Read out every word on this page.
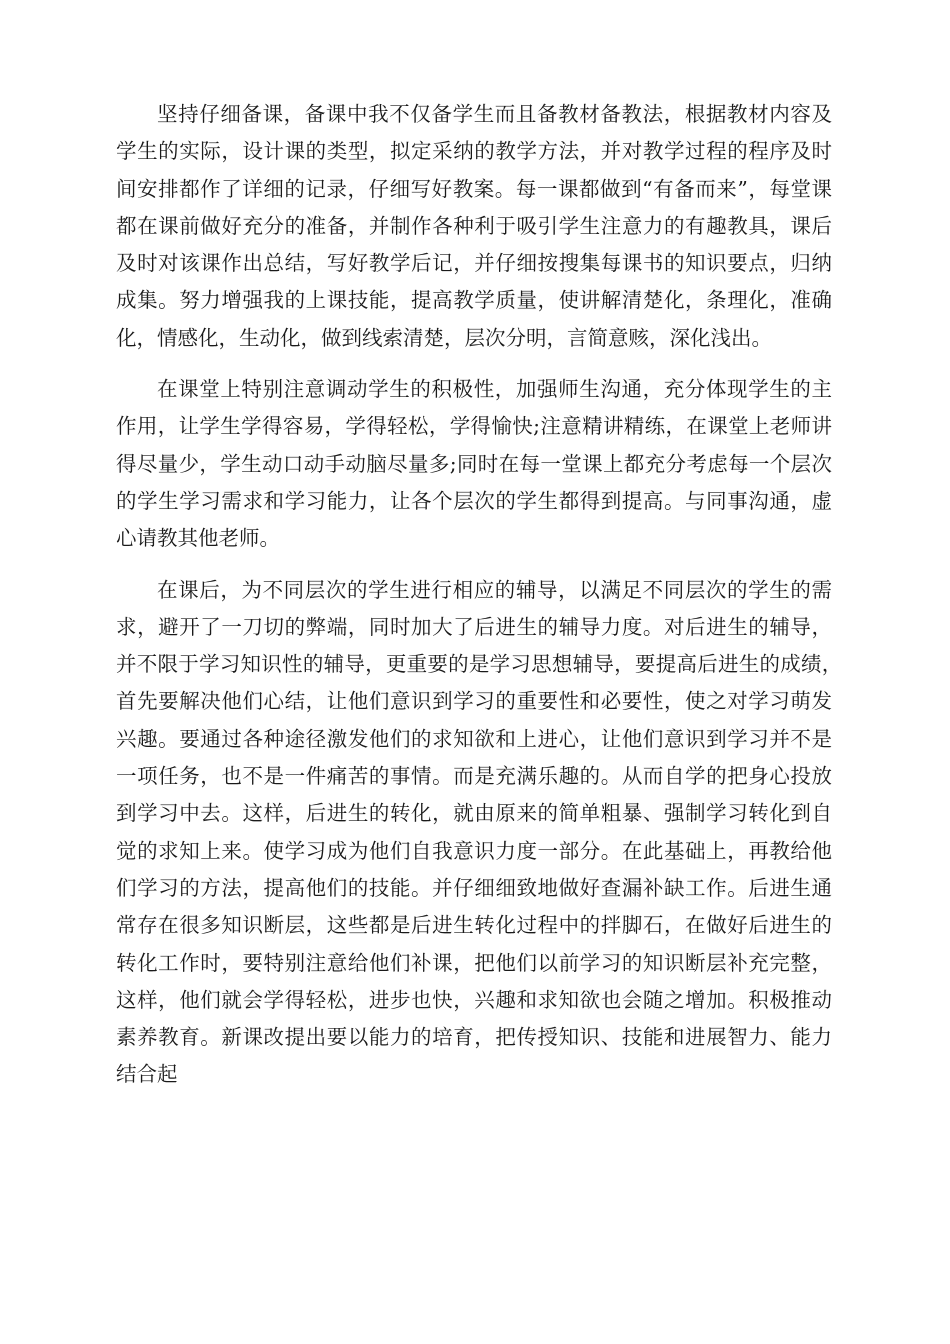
坚持仔细备课，备课中我不仅备学生而且备教材备教法，根据教材内容及学生的实际，设计课的类型，拟定采纳的教学方法，并对教学过程的程序及时间安排都作了详细的记录，仔细写好教案。每一课都做到“有备而来”，每堂课都在课前做好充分的准备，并制作各种利于吸引学生注意力的有趣教具，课后及时对该课作出总结，写好教学后记，并仔细按搜集每课书的知识要点，归纳成集。努力增强我的上课技能，提高教学质量，使讲解清楚化，条理化，准确化，情感化，生动化，做到线索清楚，层次分明，言简意赅，深化浅出。

在课堂上特别注意调动学生的积极性，加强师生沟通，充分体现学生的主作用，让学生学得容易，学得轻松，学得愉快;注意精讲精练，在课堂上老师讲得尽量少，学生动口动手动脑尽量多;同时在每一堂课上都充分考虑每一个层次的学生学习需求和学习能力，让各个层次的学生都得到提高。与同事沟通，虚心请教其他老师。

在课后，为不同层次的学生进行相应的辅导，以满足不同层次的学生的需求，避开了一刀切的弊端，同时加大了后进生的辅导力度。对后进生的辅导，并不限于学习知识性的辅导，更重要的是学习思想辅导，要提高后进生的成绩，　首先要解决他们心结，让他们意识到学习的重要性和必要性，使之对学习萌发兴趣。要通过各种途径激发他们的求知欲和上进心，让他们意识到学习并不是一项任务，也不是一件痛苦的事情。而是充满乐趣的。从而自学的把身心投放到学习中去。这样，后进生的转化，就由原来的简单粗暴、强制学习转化到自觉的求知上来。使学习成为他们自我意识力度一部分。在此基础上，再教给他们学习的方法，提高他们的技能。并仔细细致地做好查漏补缺工作。后进生通常存在很多知识断层，这些都是后进生转化过程中的拌脚石，在做好后进生的转化工作时，要特别注意给他们补课，把他们以前学习的知识断层补充完整，这样，他们就会学得轻松，进步也快，兴趣和求知欲也会随之增加。积极推动素养教育。新课改提出要以能力的培育，把传授知识、技能和进展智力、能力结合起
